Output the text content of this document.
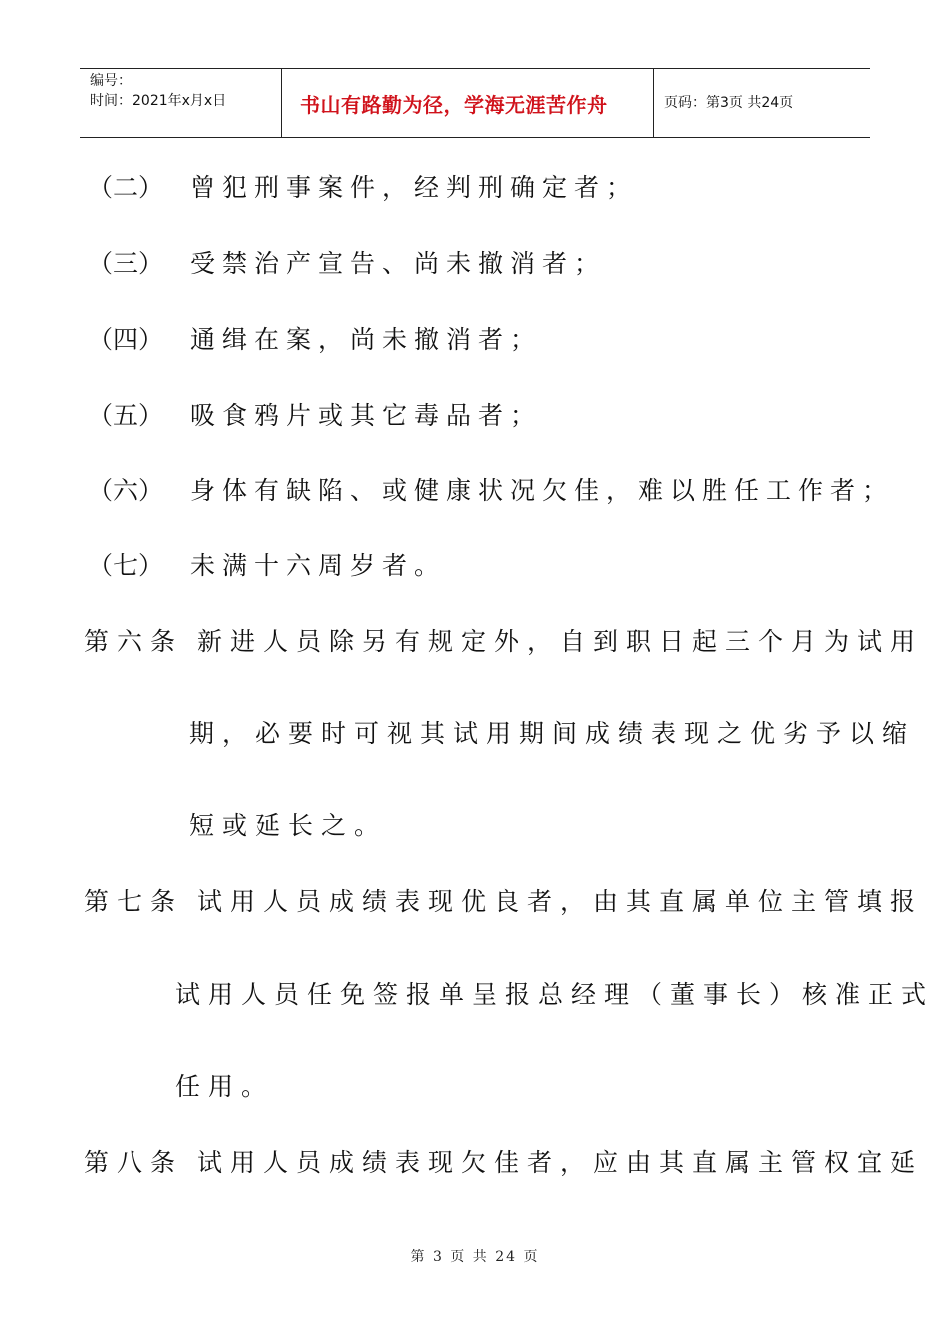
编号：
时间：2021年x月x日	书山有路勤为径，学海无涯苦作舟	页码：第3页 共24页
（二） 曾犯刑事案件，经判刑确定者；
（三） 受禁治产宣告、尚未撤消者；
（四） 通缉在案，尚未撤消者；
（五） 吸食鸦片或其它毒品者；
（六） 身体有缺陷、或健康状况欠佳，难以胜任工作者；
（七） 未满十六周岁者。
第六条 新进人员除另有规定外，自到职日起三个月为试用
期，必要时可视其试用期间成绩表现之优劣予以缩
短或延长之。
第七条 试用人员成绩表现优良者，由其直属单位主管填报
试用人员任免签报单呈报总经理（董事长）核准正式
任用。
第八条 试用人员成绩表现欠佳者，应由其直属主管权宜延
第 3 页 共 24 页
